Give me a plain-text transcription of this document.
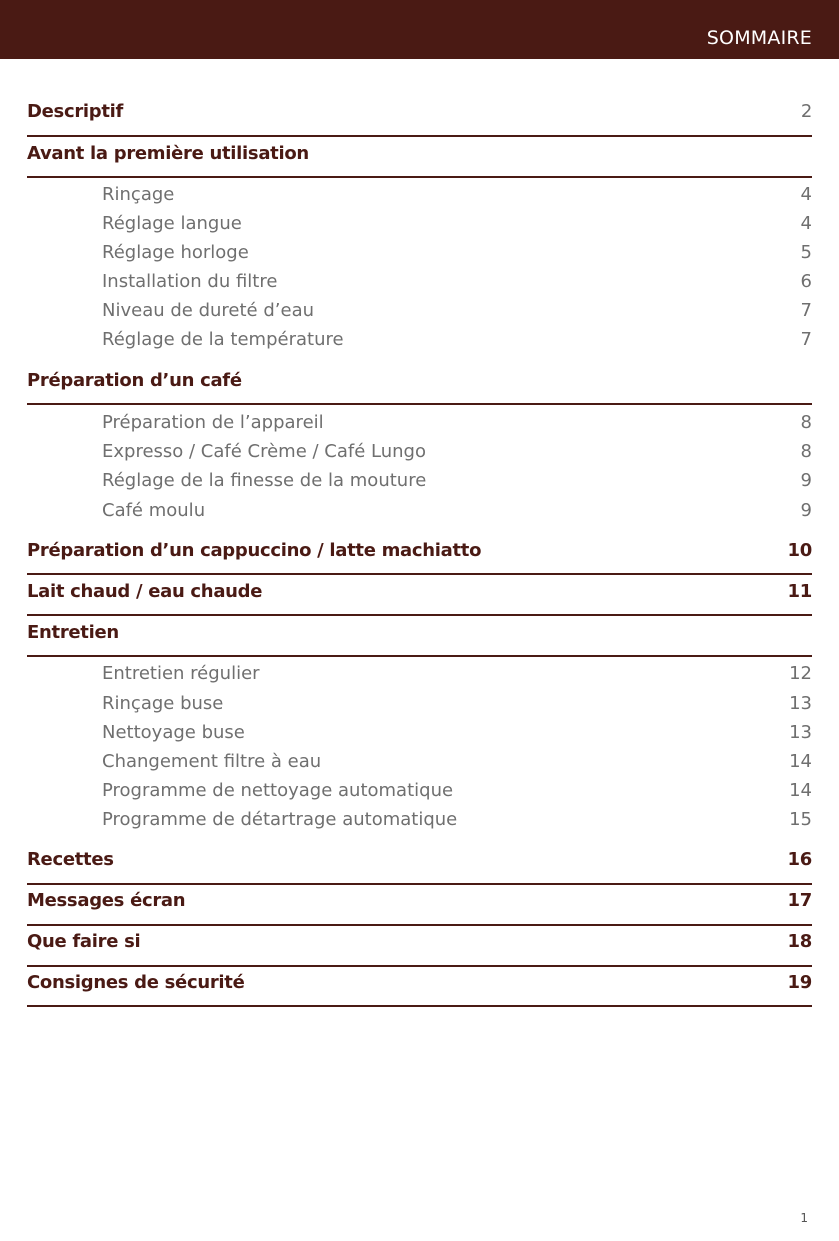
SOMMAIRE
Descriptif	2
Avant la première utilisation
Rinçage	4
Réglage langue	4
Réglage horloge	5
Installation du filtre	6
Niveau de dureté d’eau	7
Réglage de la température	7
Préparation d’un café
Préparation de l’appareil	8
Expresso / Café Crème / Café Lungo	8
Réglage de la finesse de la mouture	9
Café moulu	9
Préparation d’un cappuccino / latte machiatto	10
Lait chaud / eau chaude	11
Entretien
Entretien régulier	12
Rinçage buse	13
Nettoyage buse	13
Changement filtre à eau	14
Programme de nettoyage automatique	14
Programme de détartrage automatique	15
Recettes	16
Messages écran	17
Que faire si	18
Consignes de sécurité	19
1
